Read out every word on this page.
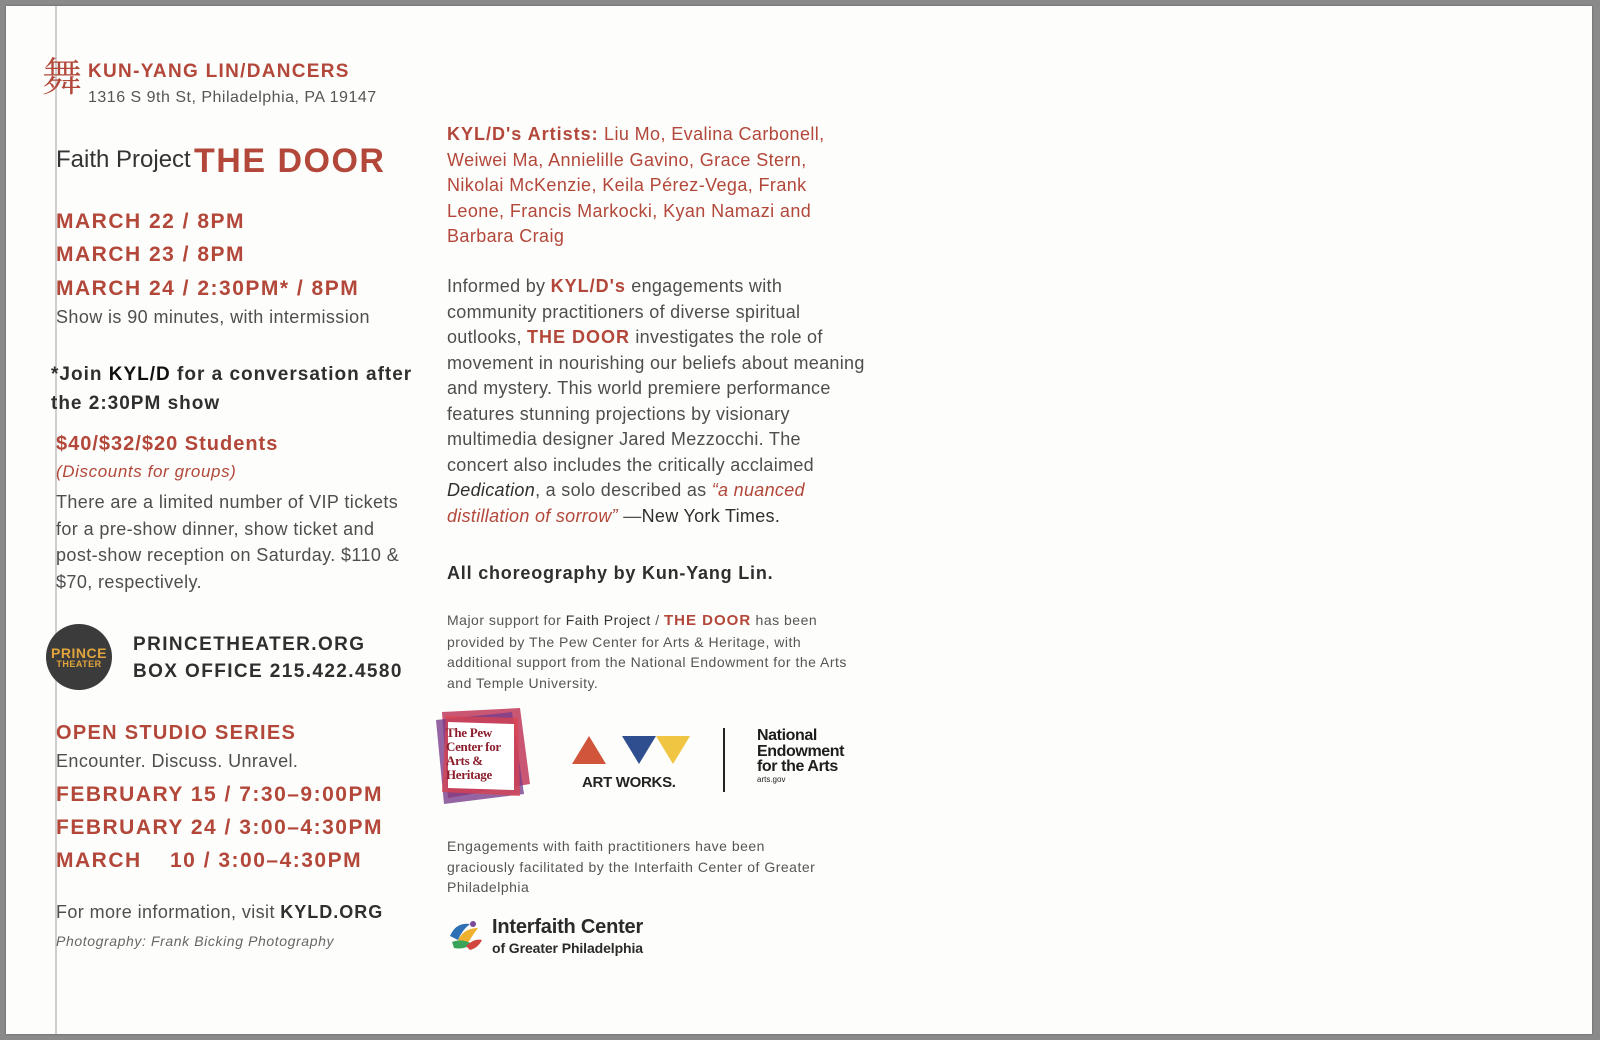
舞 KUN-YANG LIN/DANCERS
1316 S 9th St, Philadelphia, PA 19147
Faith Project THE DOOR
MARCH 22 / 8PM
MARCH 23 / 8PM
MARCH 24 / 2:30PM* / 8PM
Show is 90 minutes, with intermission
*Join KYL/D for a conversation after the 2:30PM show
$40/$32/$20 Students
(Discounts for groups)
There are a limited number of VIP tickets for a pre-show dinner, show ticket and post-show reception on Saturday. $110 & $70, respectively.
PRINCE
THEATER
PRINCETHEATER.ORG
BOX OFFICE 215.422.4580
OPEN STUDIO SERIES
Encounter. Discuss. Unravel.
FEBRUARY 15 / 7:30–9:00PM
FEBRUARY 24 / 3:00–4:30PM
MARCH 10 / 3:00–4:30PM
For more information, visit KYLD.ORG
Photography: Frank Bicking Photography
KYL/D's Artists: Liu Mo, Evalina Carbonell, Weiwei Ma, Annielille Gavino, Grace Stern, Nikolai McKenzie, Keila Pérez-Vega, Frank Leone, Francis Markocki, Kyan Namazi and Barbara Craig
Informed by KYL/D's engagements with community practitioners of diverse spiritual outlooks, THE DOOR investigates the role of movement in nourishing our beliefs about meaning and mystery. This world premiere performance features stunning projections by visionary multimedia designer Jared Mezzocchi. The concert also includes the critically acclaimed Dedication, a solo described as “a nuanced distillation of sorrow” —New York Times.
All choreography by Kun-Yang Lin.
Major support for Faith Project / THE DOOR has been provided by The Pew Center for Arts & Heritage, with additional support from the National Endowment for the Arts and Temple University.
The Pew Center for Arts & Heritage	ART WORKS.
National
Endowment
for the Arts
arts.gov
Engagements with faith practitioners have been graciously facilitated by the Interfaith Center of Greater Philadelphia
Interfaith Center
of Greater Philadelphia
